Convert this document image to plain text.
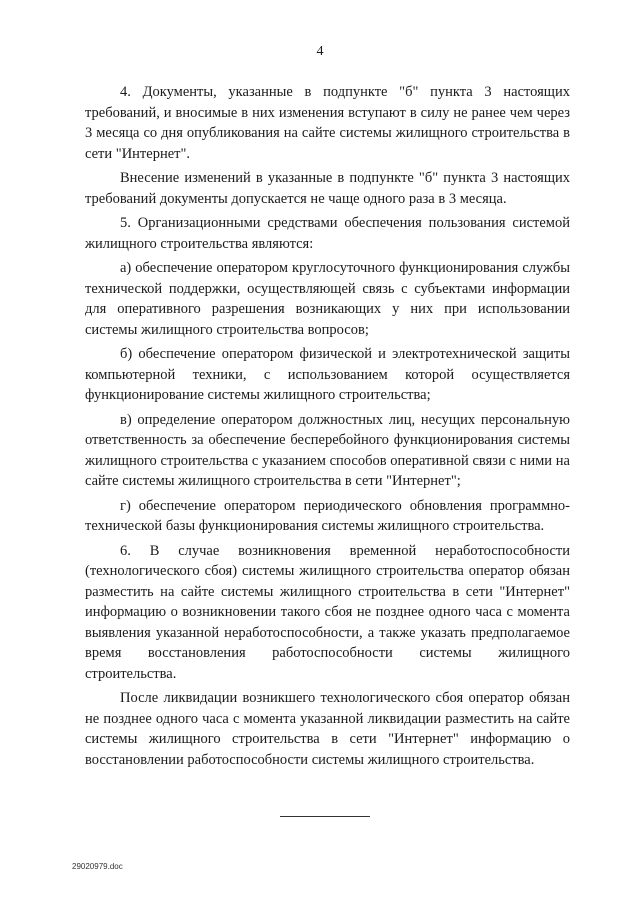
4

4. Документы, указанные в подпункте "б" пункта 3 настоящих требований, и вносимые в них изменения вступают в силу не ранее чем через 3 месяца со дня опубликования на сайте системы жилищного строительства в сети "Интернет".

Внесение изменений в указанные в подпункте "б" пункта 3 настоящих требований документы допускается не чаще одного раза в 3 месяца.

5. Организационными средствами обеспечения пользования системой жилищного строительства являются:

а) обеспечение оператором круглосуточного функционирования службы технической поддержки, осуществляющей связь с субъектами информации для оперативного разрешения возникающих у них при использовании системы жилищного строительства вопросов;

б) обеспечение оператором физической и электротехнической защиты компьютерной техники, с использованием которой осуществляется функционирование системы жилищного строительства;

в) определение оператором должностных лиц, несущих персональную ответственность за обеспечение бесперебойного функционирования системы жилищного строительства с указанием способов оперативной связи с ними на сайте системы жилищного строительства в сети "Интернет";

г) обеспечение оператором периодического обновления программно-технической базы функционирования системы жилищного строительства.

6. В случае возникновения временной неработоспособности (технологического сбоя) системы жилищного строительства оператор обязан разместить на сайте системы жилищного строительства в сети "Интернет" информацию о возникновении такого сбоя не позднее одного часа с момента выявления указанной неработоспособности, а также указать предполагаемое время восстановления работоспособности системы жилищного строительства.

После ликвидации возникшего технологического сбоя оператор обязан не позднее одного часа с момента указанной ликвидации разместить на сайте системы жилищного строительства в сети "Интернет" информацию о восстановлении работоспособности системы жилищного строительства.

29020979.doc
